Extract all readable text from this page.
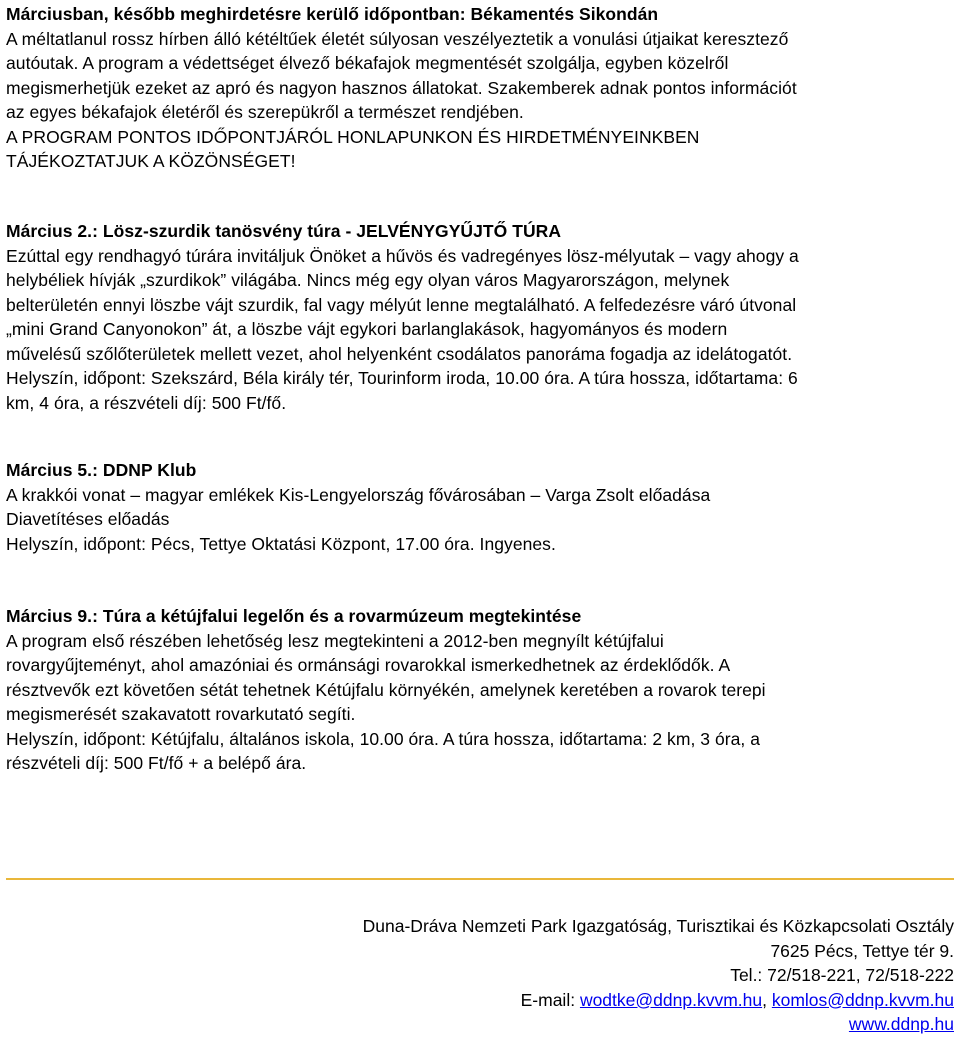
Márciusban, később meghirdetésre kerülő időpontban: Békamentés Sikondán

A méltatlanul rossz hírben álló kétéltűek életét súlyosan veszélyeztetik a vonulási útjaikat keresztező

autóutak. A program a védettséget élvező békafajok megmentését szolgálja, egyben közelről

megismerhetjük ezeket az apró és nagyon hasznos állatokat. Szakemberek adnak pontos információt

az egyes békafajok életéről és szerepükről a természet rendjében.

A PROGRAM PONTOS IDŐPONTJÁRÓL HONLAPUNKON ÉS HIRDETMÉNYEINKBEN

TÁJÉKOZTATJUK A KÖZÖNSÉGET!

Március 2.: Lösz-szurdik tanösvény túra - JELVÉNYGYŰJTŐ TÚRA

Ezúttal egy rendhagyó túrára invitáljuk Önöket a hűvös és vadregényes lösz-mélyutak – vagy ahogy a

helybéliek hívják „szurdikok” világába. Nincs még egy olyan város Magyarországon, melynek

belterületén ennyi löszbe vájt szurdik, fal vagy mélyút lenne megtalálható. A felfedezésre váró útvonal

„mini Grand Canyonokon” át, a löszbe vájt egykori barlanglakások, hagyományos és modern

művelésű szőlőterületek mellett vezet, ahol helyenként csodálatos panoráma fogadja az idelátogatót.

Helyszín, időpont: Szekszárd, Béla király tér, Tourinform iroda, 10.00 óra. A túra hossza, időtartama: 6

km, 4 óra, a részvételi díj: 500 Ft/fő.

Március 5.: DDNP Klub

A krakkói vonat – magyar emlékek Kis-Lengyelország fővárosában – Varga Zsolt előadása

Diavetítéses előadás

Helyszín, időpont: Pécs, Tettye Oktatási Központ, 17.00 óra. Ingyenes.

Március 9.: Túra a kétújfalui legelőn és a rovarmúzeum megtekintése

A program első részében lehetőség lesz megtekinteni a 2012-ben megnyílt kétújfalui

rovargyűjteményt, ahol amazóniai és ormánsági rovarokkal ismerkedhetnek az érdeklődők. A

résztvevők ezt követően sétát tehetnek Kétújfalu környékén, amelynek keretében a rovarok terepi

megismerését szakavatott rovarkutató segíti.

Helyszín, időpont: Kétújfalu, általános iskola, 10.00 óra. A túra hossza, időtartama: 2 km, 3 óra, a

részvételi díj: 500 Ft/fő + a belépő ára.

Duna-Dráva Nemzeti Park Igazgatóság, Turisztikai és Közkapcsolati Osztály

7625 Pécs, Tettye tér 9.

Tel.: 72/518-221, 72/518-222

E-mail: wodtke@ddnp.kvvm.hu, komlos@ddnp.kvvm.hu

www.ddnp.hu
